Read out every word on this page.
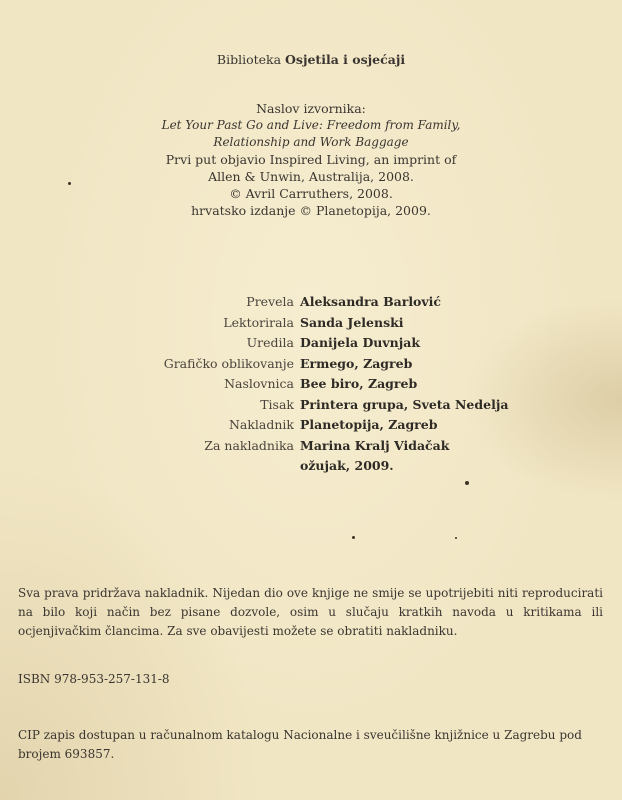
Biblioteka Osjetila i osjećaji
Naslov izvornika:
Let Your Past Go and Live: Freedom from Family,
Relationship and Work Baggage
Prvi put objavio Inspired Living, an imprint of
Allen & Unwin, Australija, 2008.
© Avril Carruthers, 2008.
hrvatsko izdanje © Planetopija, 2009.
Prevela Aleksandra Barlović
Lektorirala Sanda Jelenski
Uredila Danijela Duvnjak
Grafičko oblikovanje Ermego, Zagreb
Naslovnica Bee biro, Zagreb
Tisak Printera grupa, Sveta Nedelja
Nakladnik Planetopija, Zagreb
Za nakladnika Marina Kralj Vidačak
ožujak, 2009.
Sva prava pridržava nakladnik. Nijedan dio ove knjige ne smije se upotrijebiti niti reproducirati na bilo koji način bez pisane dozvole, osim u slučaju kratkih navoda u kritikama ili ocjenjivačkim člancima. Za sve obavijesti možete se obratiti nakladniku.
ISBN 978-953-257-131-8
CIP zapis dostupan u računalnom katalogu Nacionalne i sveučilišne knjižnice u Zagrebu pod brojem 693857.
